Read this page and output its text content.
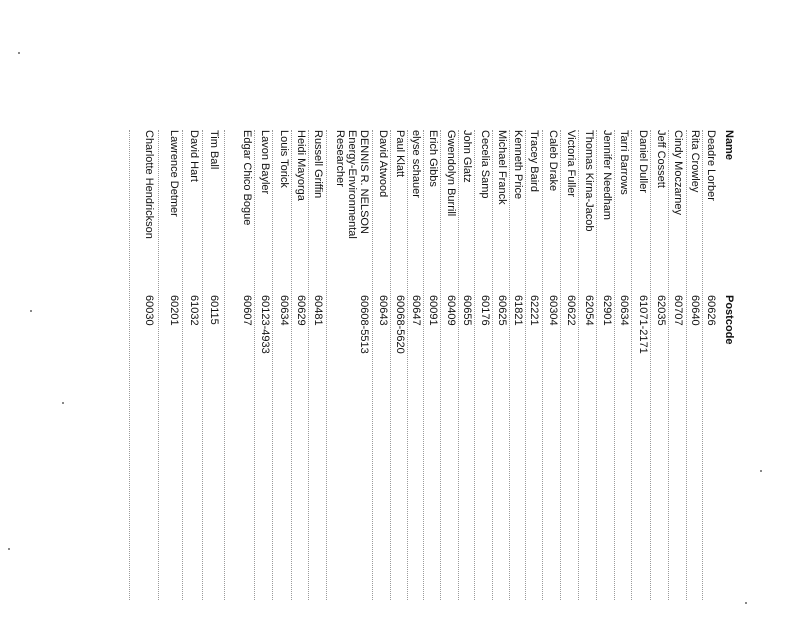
Name
Postcode
Deadre Lorber
60626
Rita Crowley
60640
Cindy Moczarney
60707
Jeff Cossett
62035
Daniel Duller
61071-2171
Tarri Barrows
60634
Jennifer Needham
62901
Thomas Kirna-Jacob
62054
Victoria Fuller
60622
Caleb Drake
60304
Tracey Baird
62221
Kenneth Price
61821
Michael Franck
60625
Cecelia Samp
60176
John Glatz
60655
Gwendolyn Burrill
60409
Erich Gibbs
60091
elyse schauer
60647
Paul Klatt
60068-5620
David Atwood
60643
DENNIS R. NELSON Energy-Environmental Researcher
60608-5513
Russell Griffin
60481
Heidi Mayorga
60629
Louis Torick
60634
Lavon Bayler
60123-4933
Edgar Chico Bogue
60607
Tim Ball
60115
David Hart
61032
Lawrence Detmer
60201
Charlotte Hendrickson
60030
